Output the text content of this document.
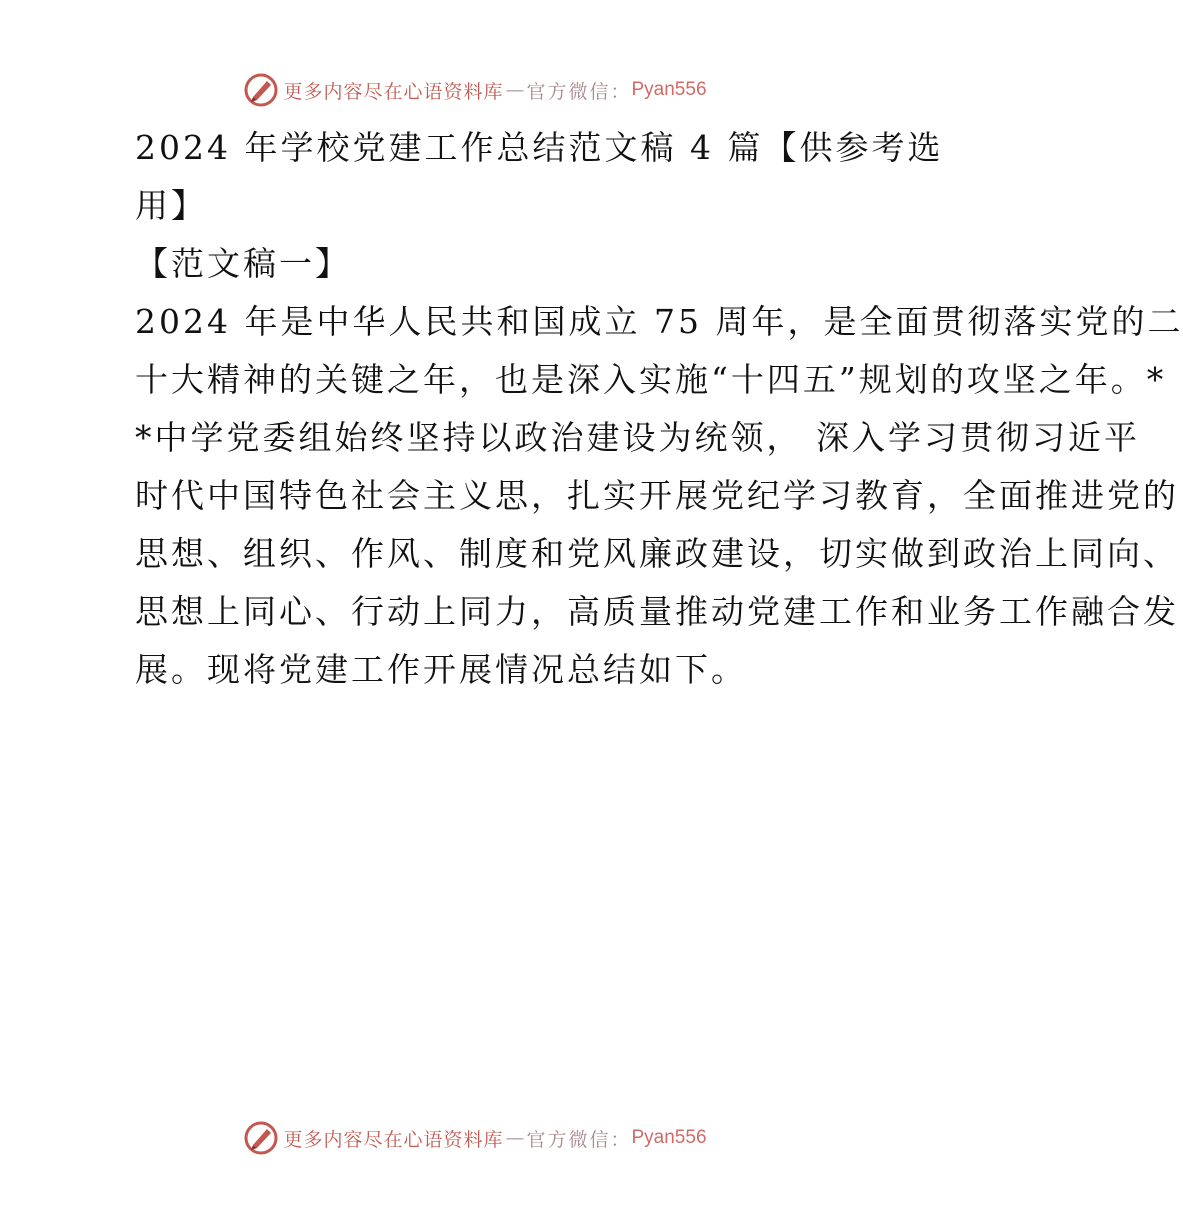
更多内容尽在心语资料库 — 官方微信： Pyan556
2024 年学校党建工作总结范文稿 4 篇【供参考选
用】
【范文稿一】
2024 年是中华人民共和国成立 75 周年，是全面贯彻落实党的二
十大精神的关键之年，也是深入实施“十四五”规划的攻坚之年。*
*中学党委组始终坚持以政治建设为统领， 深入学习贯彻习近平
时代中国特色社会主义思，扎实开展党纪学习教育，全面推进党的
思想、组织、作风、制度和党风廉政建设，切实做到政治上同向、
思想上同心、行动上同力，高质量推动党建工作和业务工作融合发
展。现将党建工作开展情况总结如下。
更多内容尽在心语资料库 — 官方微信： Pyan556
